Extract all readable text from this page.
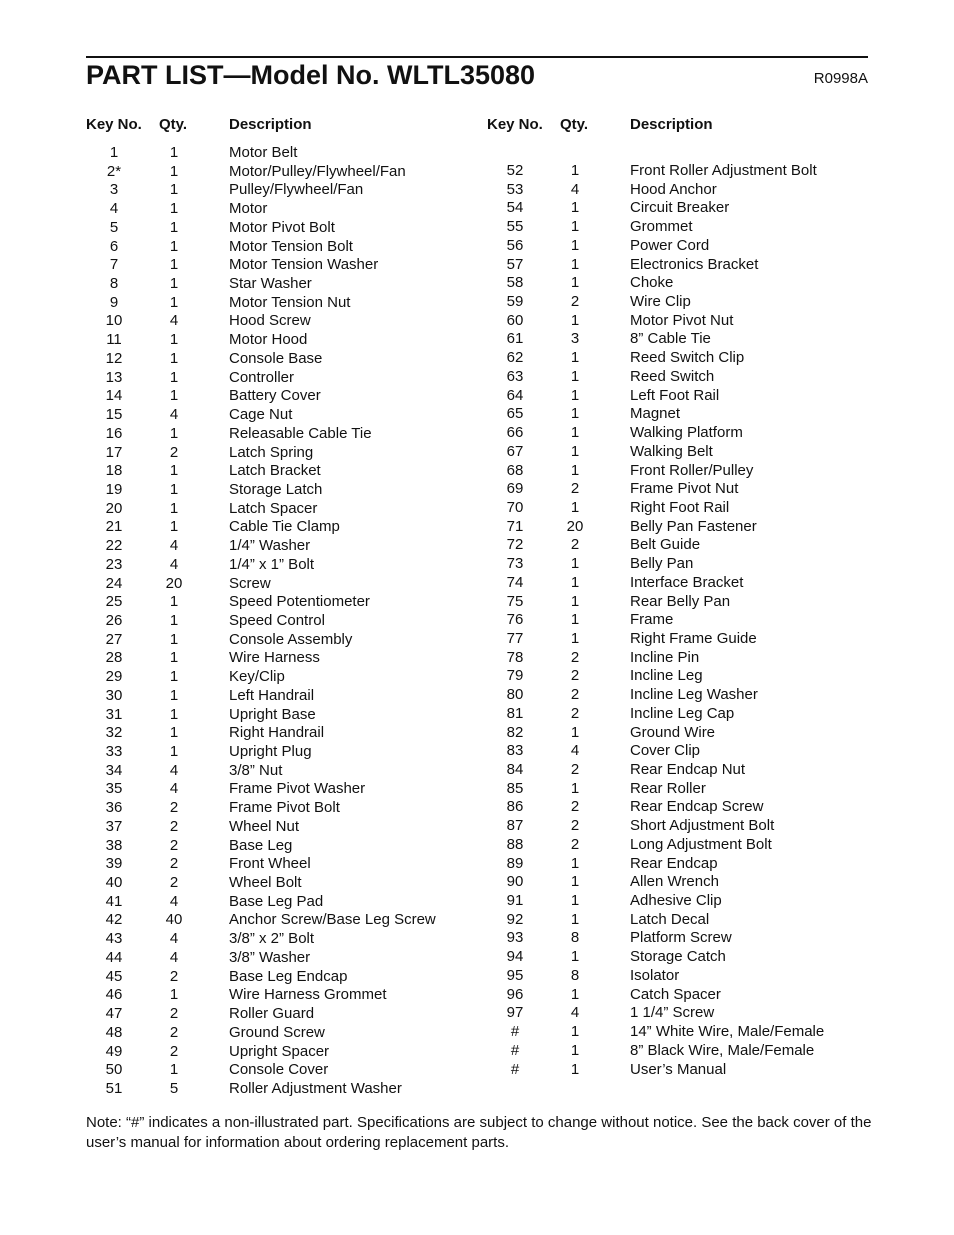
PART LIST—Model No. WLTL35080	R0998A
Key No. Qty.	Description
1	1	Motor Belt
2*	1	Motor/Pulley/Flywheel/Fan
3	1	Pulley/Flywheel/Fan
4	1	Motor
5	1	Motor Pivot Bolt
6	1	Motor Tension Bolt
7	1	Motor Tension Washer
8	1	Star Washer
9	1	Motor Tension Nut
10	4	Hood Screw
11	1	Motor Hood
12	1	Console Base
13	1	Controller
14	1	Battery Cover
15	4	Cage Nut
16	1	Releasable Cable Tie
17	2	Latch Spring
18	1	Latch Bracket
19	1	Storage Latch
20	1	Latch Spacer
21	1	Cable Tie Clamp
22	4	1/4” Washer
23	4	1/4” x 1” Bolt
24	20	Screw
25	1	Speed Potentiometer
26	1	Speed Control
27	1	Console Assembly
28	1	Wire Harness
29	1	Key/Clip
30	1	Left Handrail
31	1	Upright Base
32	1	Right Handrail
33	1	Upright Plug
34	4	3/8” Nut
35	4	Frame Pivot Washer
36	2	Frame Pivot Bolt
37	2	Wheel Nut
38	2	Base Leg
39	2	Front Wheel
40	2	Wheel Bolt
41	4	Base Leg Pad
42	40	Anchor Screw/Base Leg Screw
43	4	3/8” x 2” Bolt
44	4	3/8” Washer
45	2	Base Leg Endcap
46	1	Wire Harness Grommet
47	2	Roller Guard
48	2	Ground Screw
49	2	Upright Spacer
50	1	Console Cover
51	5	Roller Adjustment Washer
Key No. Qty.	Description
52	1	Front Roller Adjustment Bolt
53	4	Hood Anchor
54	1	Circuit Breaker
55	1	Grommet
56	1	Power Cord
57	1	Electronics Bracket
58	1	Choke
59	2	Wire Clip
60	1	Motor Pivot Nut
61	3	8” Cable Tie
62	1	Reed Switch Clip
63	1	Reed Switch
64	1	Left Foot Rail
65	1	Magnet
66	1	Walking Platform
67	1	Walking Belt
68	1	Front Roller/Pulley
69	2	Frame Pivot Nut
70	1	Right Foot Rail
71	20	Belly Pan Fastener
72	2	Belt Guide
73	1	Belly Pan
74	1	Interface Bracket
75	1	Rear Belly Pan
76	1	Frame
77	1	Right Frame Guide
78	2	Incline Pin
79	2	Incline Leg
80	2	Incline Leg Washer
81	2	Incline Leg Cap
82	1	Ground Wire
83	4	Cover Clip
84	2	Rear Endcap Nut
85	1	Rear Roller
86	2	Rear Endcap Screw
87	2	Short Adjustment Bolt
88	2	Long Adjustment Bolt
89	1	Rear Endcap
90	1	Allen Wrench
91	1	Adhesive Clip
92	1	Latch Decal
93	8	Platform Screw
94	1	Storage Catch
95	8	Isolator
96	1	Catch Spacer
97	4	1 1/4” Screw
#	1	14” White Wire, Male/Female
#	1	8” Black Wire, Male/Female
#	1	User’s Manual
Note: “#” indicates a non-illustrated part. Specifications are subject to change without notice. See the back cover of the user’s manual for information about ordering replacement parts.
